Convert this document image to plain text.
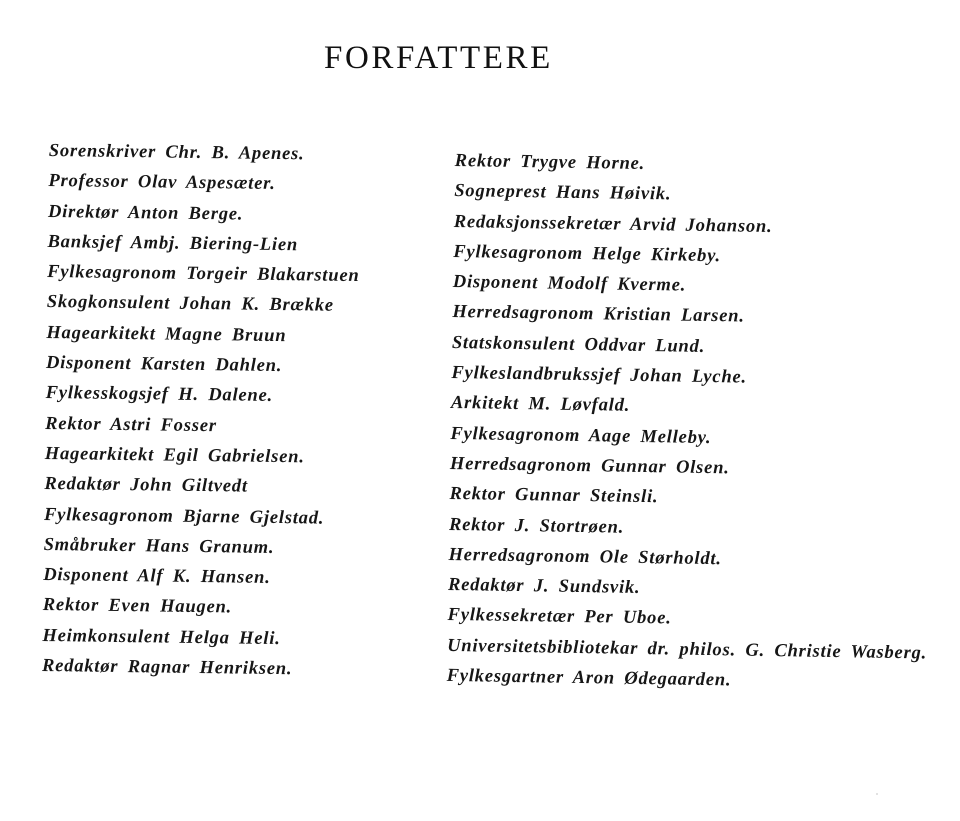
FORFATTERE
Sorenskriver Chr. B. Apenes.
Professor Olav Aspesæter.
Direktør Anton Berge.
Banksjef Ambj. Biering-Lien
Fylkesagronom Torgeir Blakarstuen
Skogkonsulent Johan K. Brække
Hagearkitekt Magne Bruun
Disponent Karsten Dahlen.
Fylkesskogsjef H. Dalene.
Rektor Astri Fosser
Hagearkitekt Egil Gabrielsen.
Redaktør John Giltvedt
Fylkesagronom Bjarne Gjelstad.
Småbruker Hans Granum.
Disponent Alf K. Hansen.
Rektor Even Haugen.
Heimkonsulent Helga Heli.
Redaktør Ragnar Henriksen.
Rektor Trygve Horne.
Sogneprest Hans Høivik.
Redaksjonssekretær Arvid Johanson.
Fylkesagronom Helge Kirkeby.
Disponent Modolf Kverme.
Herredsagronom Kristian Larsen.
Statskonsulent Oddvar Lund.
Fylkeslandbrukssjef Johan Lyche.
Arkitekt M. Løvfald.
Fylkesagronom Aage Melleby.
Herredsagronom Gunnar Olsen.
Rektor Gunnar Steinsli.
Rektor J. Stortrøen.
Herredsagronom Ole Størholdt.
Redaktør J. Sundsvik.
Fylkessekretær Per Uboe.
Universitetsbibliotekar dr. philos. G. Christie Wasberg.
Fylkesgartner Aron Ødegaarden.
